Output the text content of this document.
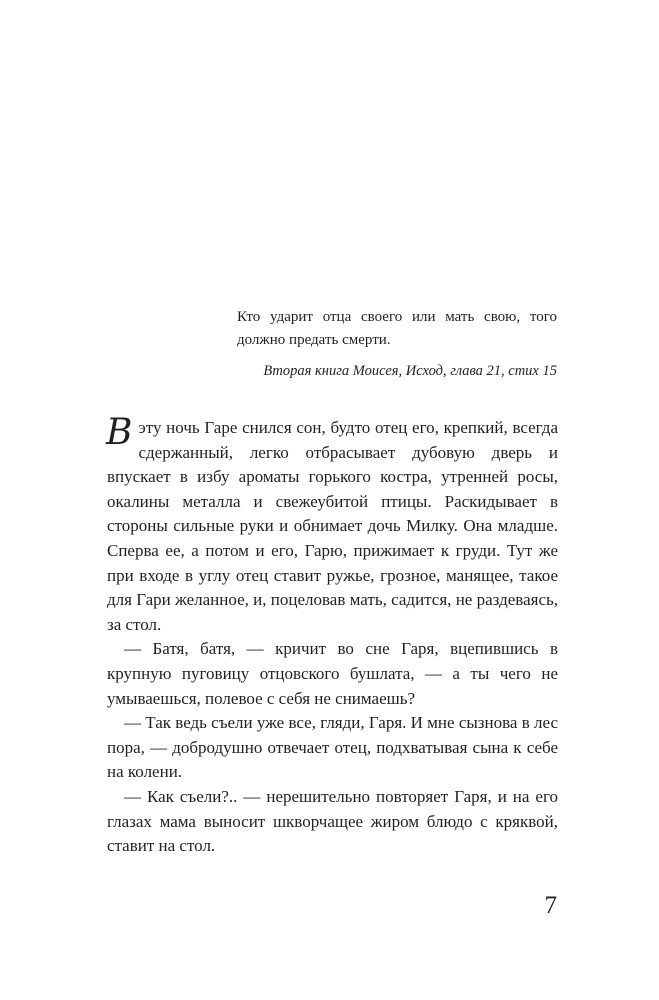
Кто ударит отца своего или мать свою, того должно предать смерти.

Вторая книга Моисея, Исход, глава 21, стих 15

Вэту ночь Гаре снился сон, будто отец его, крепкий, всегда сдержанный, легко отбрасывает дубовую дверь и впускает в избу ароматы горького костра, утренней росы, окалины металла и свежеубитой птицы. Раскидывает в стороны сильные руки и обнимает дочь Милку. Она младше. Сперва ее, а потом и его, Гарю, прижимает к груди. Тут же при входе в углу отец ставит ружье, грозное, манящее, такое для Гари желанное, и, поцеловав мать, садится, не раздеваясь, за стол.

— Батя, батя, — кричит во сне Гаря, вцепившись в крупную пуговицу отцовского бушлата, — а ты чего не умываешься, полевое с себя не снимаешь?

— Так ведь съели уже все, гляди, Гаря. И мне сызнова в лес пора, — добродушно отвечает отец, подхватывая сына к себе на колени.

— Как съели?.. — нерешительно повторяет Гаря, и на его глазах мама выносит шкворчащее жиром блюдо с кряквой, ставит на стол.

7
